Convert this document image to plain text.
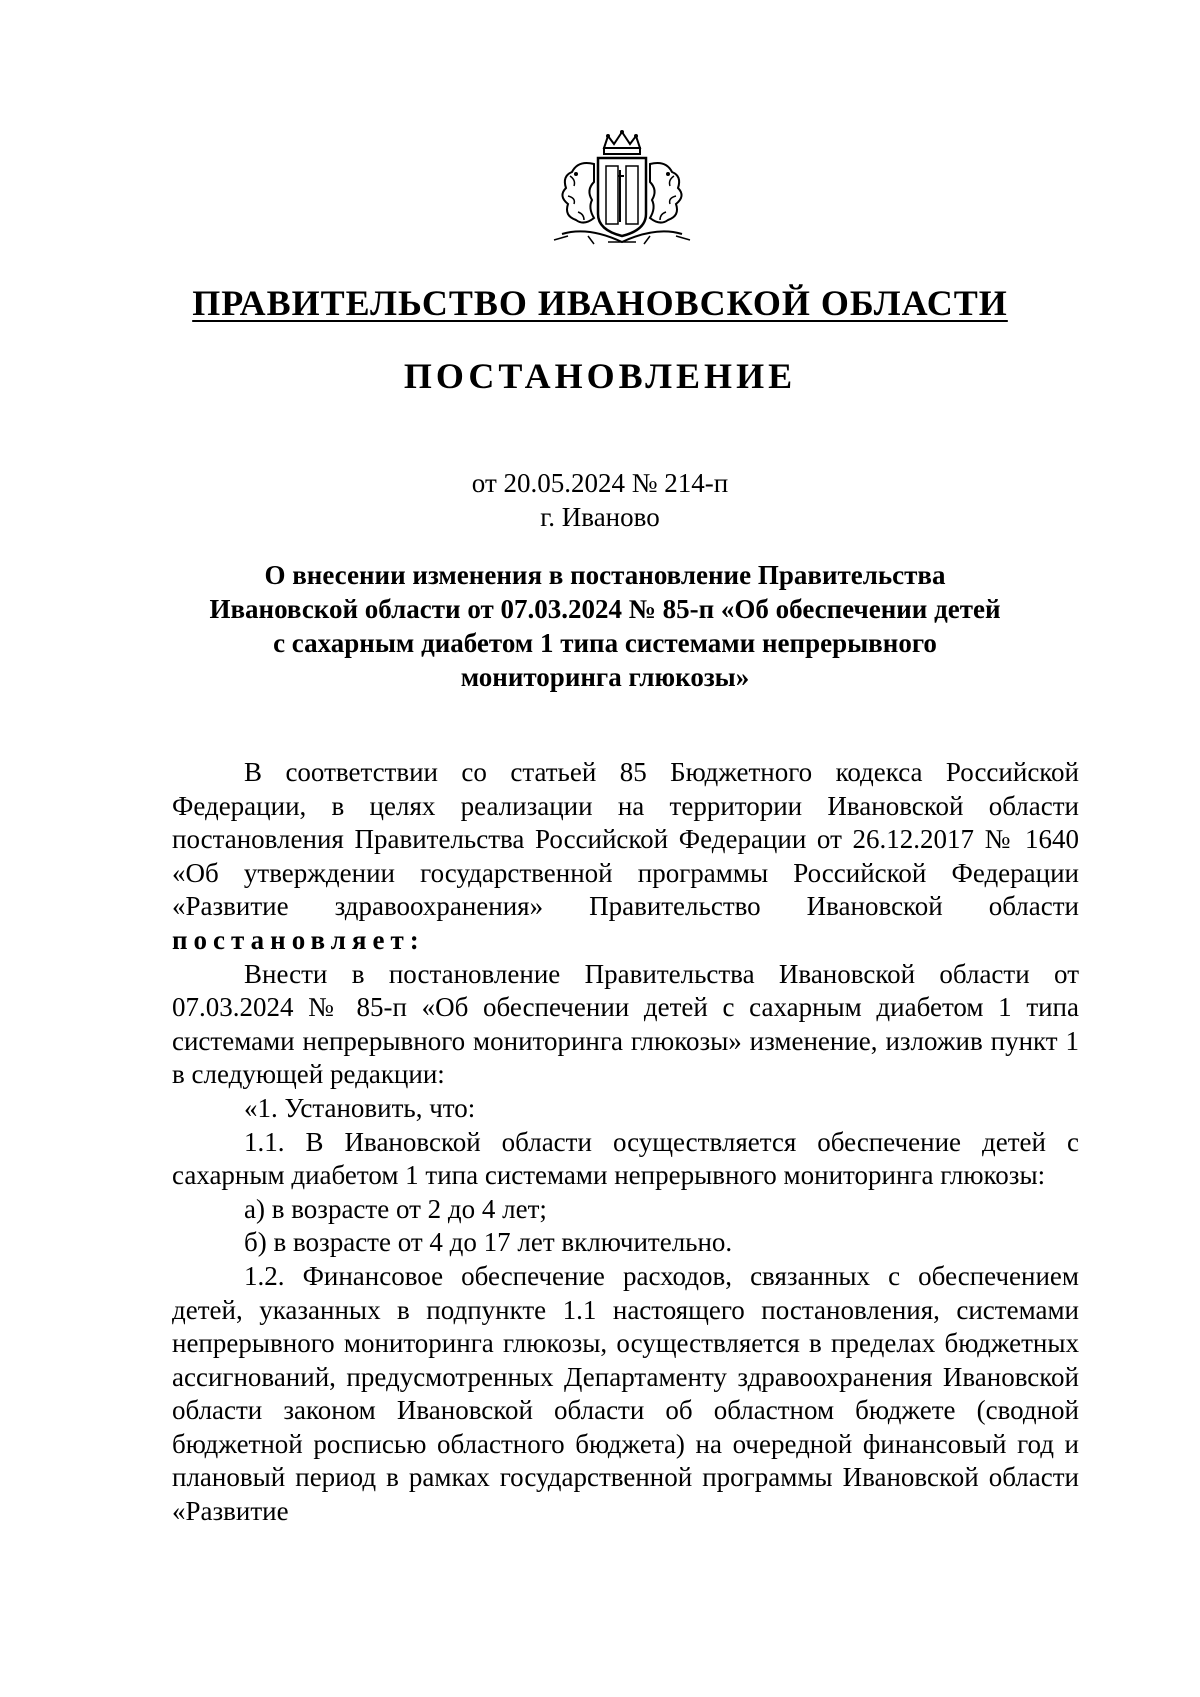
ПРАВИТЕЛЬСТВО ИВАНОВСКОЙ ОБЛАСТИ
ПОСТАНОВЛЕНИЕ
от 20.05.2024 № 214-п
г. Иваново
О внесении изменения в постановление Правительства
Ивановской области от 07.03.2024 № 85-п «Об обеспечении детей
с сахарным диабетом 1 типа системами непрерывного
мониторинга глюкозы»

В соответствии со статьей 85 Бюджетного кодекса Российской Федерации, в целях реализации на территории Ивановской области постановления Правительства Российской Федерации от 26.12.2017 № 1640 «Об утверждении государственной программы Российской Федерации «Развитие здравоохранения» Правительство Ивановской области постановляет:

Внести в постановление Правительства Ивановской области от 07.03.2024 № 85-п «Об обеспечении детей с сахарным диабетом 1 типа системами непрерывного мониторинга глюкозы» изменение, изложив пункт 1 в следующей редакции:

«1. Установить, что:

1.1. В Ивановской области осуществляется обеспечение детей с сахарным диабетом 1 типа системами непрерывного мониторинга глюкозы:

а) в возрасте от 2 до 4 лет;

б) в возрасте от 4 до 17 лет включительно.

1.2. Финансовое обеспечение расходов, связанных с обеспечением детей, указанных в подпункте 1.1 настоящего постановления, системами непрерывного мониторинга глюкозы, осуществляется в пределах бюджетных ассигнований, предусмотренных Департаменту здравоохранения Ивановской области законом Ивановской области об областном бюджете (сводной бюджетной росписью областного бюджета) на очередной финансовый год и плановый период в рамках государственной программы Ивановской области «Развитие
